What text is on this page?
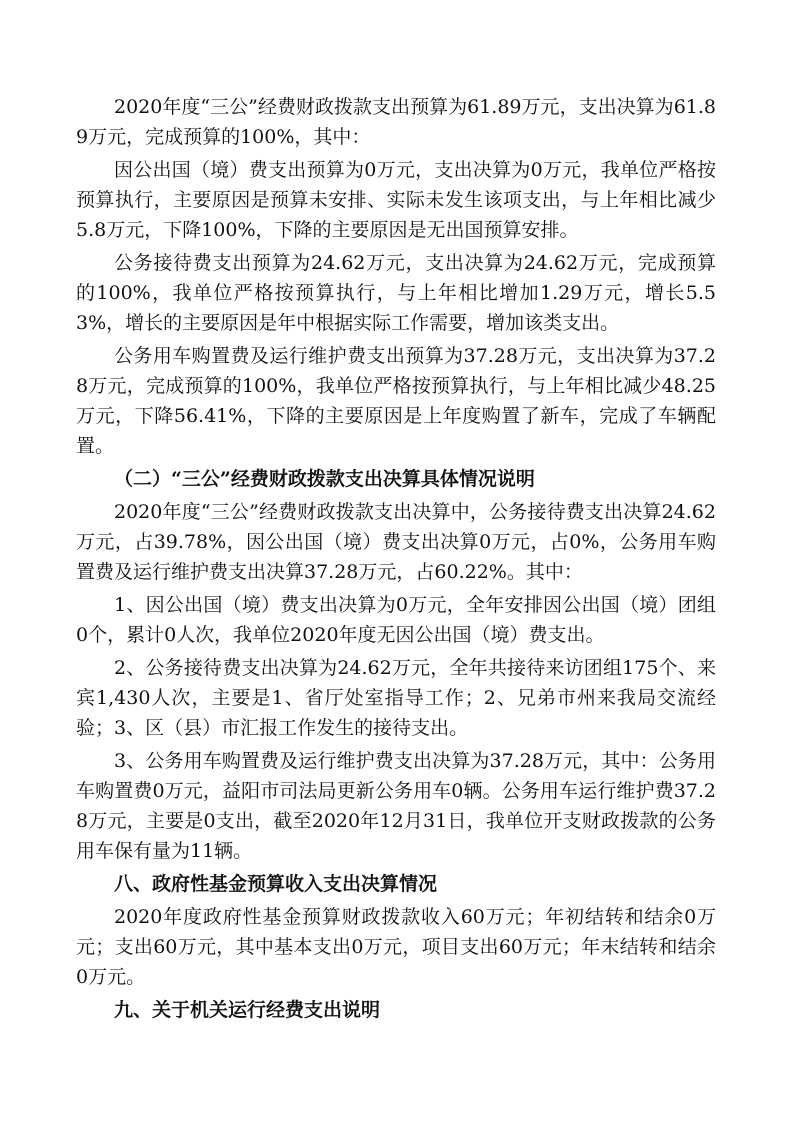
2020年度“三公”经费财政拨款支出预算为61.89万元，支出决算为61.89万元，完成预算的100%，其中：

因公出国（境）费支出预算为0万元，支出决算为0万元，我单位严格按预算执行，主要原因是预算未安排、实际未发生该项支出，与上年相比减少5.8万元，下降100%，下降的主要原因是无出国预算安排。

公务接待费支出预算为24.62万元，支出决算为24.62万元，完成预算的100%，我单位严格按预算执行，与上年相比增加1.29万元，增长5.53%，增长的主要原因是年中根据实际工作需要，增加该类支出。

公务用车购置费及运行维护费支出预算为37.28万元，支出决算为37.28万元，完成预算的100%，我单位严格按预算执行，与上年相比减少48.25万元，下降56.41%，下降的主要原因是上年度购置了新车，完成了车辆配置。

（二）“三公”经费财政拨款支出决算具体情况说明

2020年度“三公”经费财政拨款支出决算中，公务接待费支出决算24.62万元，占39.78%，因公出国（境）费支出决算0万元，占0%，公务用车购置费及运行维护费支出决算37.28万元，占60.22%。其中：

1、因公出国（境）费支出决算为0万元，全年安排因公出国（境）团组0个，累计0人次，我单位2020年度无因公出国（境）费支出。

2、公务接待费支出决算为24.62万元，全年共接待来访团组175个、来宾1,430人次，主要是1、省厅处室指导工作；2、兄弟市州来我局交流经验；3、区（县）市汇报工作发生的接待支出。

3、公务用车购置费及运行维护费支出决算为37.28万元，其中：公务用车购置费0万元，益阳市司法局更新公务用车0辆。公务用车运行维护费37.28万元，主要是0支出，截至2020年12月31日，我单位开支财政拨款的公务用车保有量为11辆。

八、政府性基金预算收入支出决算情况

2020年度政府性基金预算财政拨款收入60万元；年初结转和结余0万元；支出60万元，其中基本支出0万元，项目支出60万元；年末结转和结余0万元。

九、关于机关运行经费支出说明
